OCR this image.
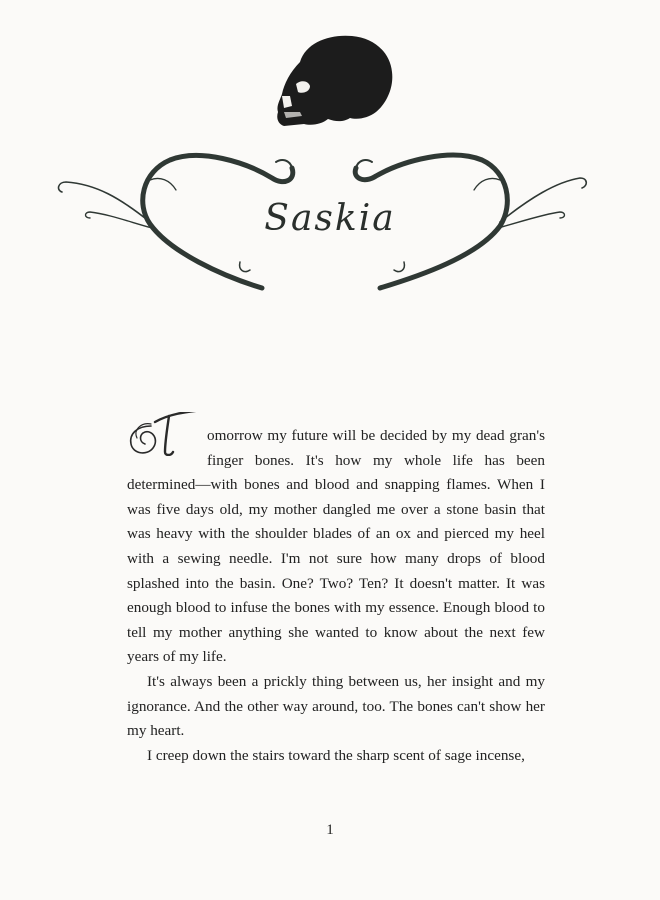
Saskia

omorrow my future will be decided by my dead gran's finger bones. It's how my whole life has been determined—with bones and blood and snapping flames. When I was five days old, my mother dangled me over a stone basin that was heavy with the shoulder blades of an ox and pierced my heel with a sewing needle. I'm not sure how many drops of blood splashed into the basin. One? Two? Ten? It doesn't matter. It was enough blood to infuse the bones with my essence. Enough blood to tell my mother anything she wanted to know about the next few years of my life.

It's always been a prickly thing between us, her insight and my ignorance. And the other way around, too. The bones can't show her my heart.

I creep down the stairs toward the sharp scent of sage incense,

1
